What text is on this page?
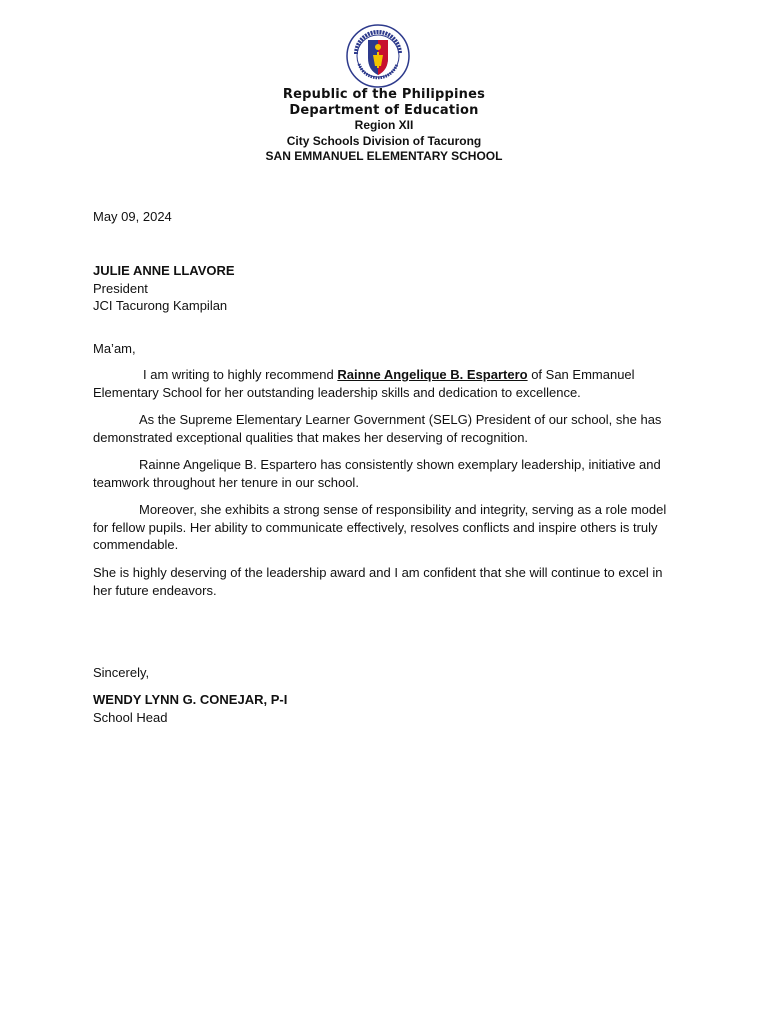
Republic of the Philippines
Department of Education
Region XII
City Schools Division of Tacurong
SAN EMMANUEL ELEMENTARY SCHOOL
May 09, 2024
JULIE ANNE LLAVORE
President
JCI Tacurong Kampilan
Ma’am,
I am writing to highly recommend Rainne Angelique B. Espartero of San Emmanuel Elementary School for her outstanding leadership skills and dedication to excellence.
As the Supreme Elementary Learner Government (SELG) President of our school, she has demonstrated exceptional qualities that makes her deserving of recognition.
Rainne Angelique B. Espartero has consistently shown exemplary leadership, initiative and teamwork throughout her tenure in our school.
Moreover, she exhibits a strong sense of responsibility and integrity, serving as a role model for fellow pupils. Her ability to communicate effectively, resolves conflicts and inspire others is truly commendable.
She is highly deserving of the leadership award and I am confident that she will continue to excel in her future endeavors.
Sincerely,
WENDY LYNN G. CONEJAR, P-I
School Head
